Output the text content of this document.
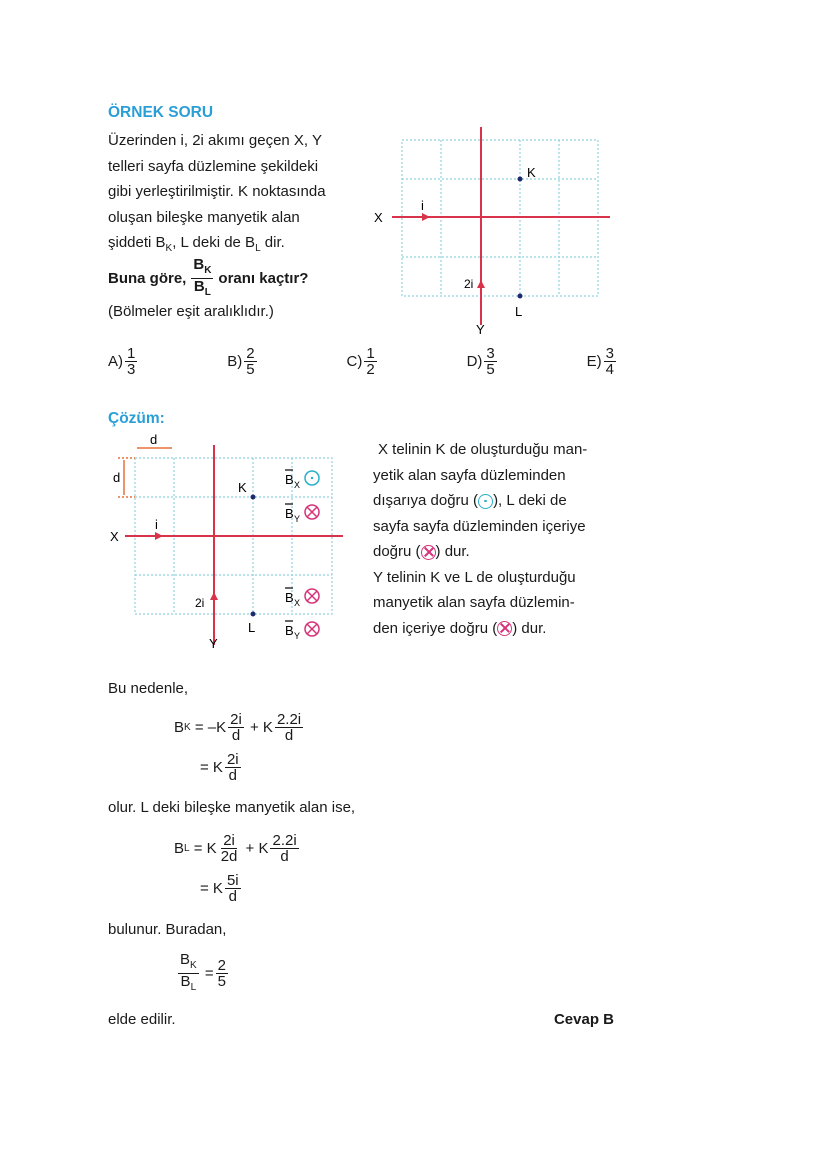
ÖRNEK SORU
Üzerinden i, 2i akımı geçen X, Y
telleri sayfa düzlemine şekildeki
gibi yerleştirilmiştir. K noktasında
oluşan bileşke manyetik alan
şiddeti $B_K$, L deki de $B_L$ dir.
Buna göre, $\frac{B_K}{B_L}$ oranı kaçtır?
(Bölmeler eşit aralıklıdır.)
X
i
2i
K
L
Y
$A) \frac{1}{3}$	$B) \frac{2}{5}$	$C) \frac{1}{2}$	$D) \frac{3}{5}$	$E) \frac{3}{4}$
Çözüm:
d
d
X
i
2i
K
L
Y
B X
B Y
B X
B Y
X telinin K de oluşturduğu man-
yetik alan sayfa düzleminden
dışarıya doğru ( ), L deki de
sayfa sayfa düzleminden içeriye
doğru ( ) dur.
Y telinin K ve L de oluşturduğu
manyetik alan sayfa düzlemin-
den içeriye doğru ( ) dur.
Bu nedenle,
B K
= $-K \frac{2i}{d}$
+ K $\frac{2.2i}{d}$
= K $\frac{2i}{d}$
olur. L deki bileşke manyetik alan ise,
B L
= K $\frac{2i}{2d}$
+ K $\frac{2.2i}{d}$
= K $\frac{5i}{d}$
bulunur. Buradan,
$\frac{B_K}{B_L}$
= $\frac{2}{5}$
elde edilir.	Cevap B
